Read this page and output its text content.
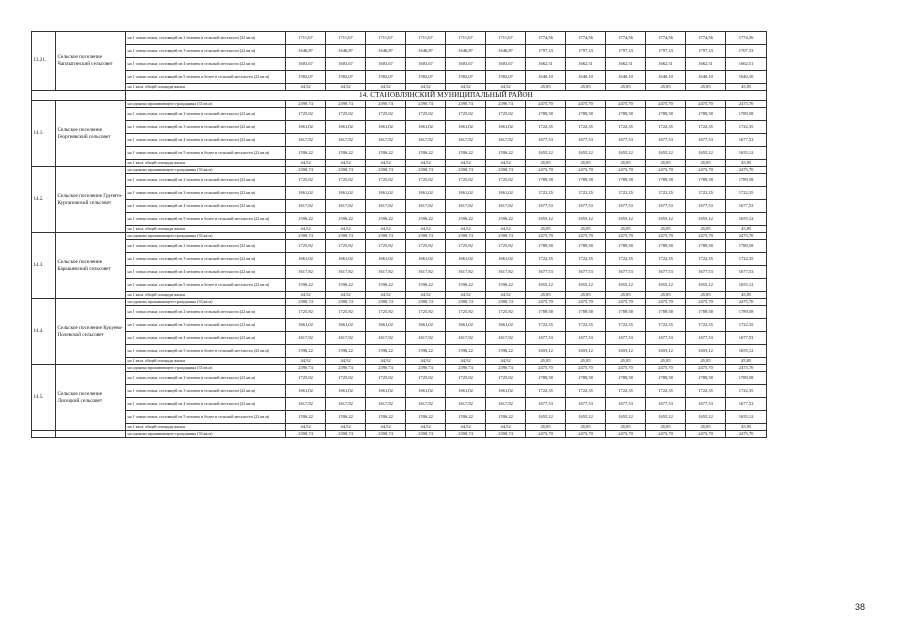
13.21.	Сельское поселение Чаплыгинский сельсовет	на 1 члена семьи, состоящей из 2 человек в сельской местности (22 кв.м)	1711,67	1711,67	1711,67	1711,67	1711,67	1711,67	1774,56	1774,56	1774,56	1774,56	1774,56	1774,56
		на 1 члена семьи, состоящей из 3 человек в сельской местности (22 кв.м)	1646,87	1646,87	1646,87	1646,87	1646,87	1646,87	1707,33	1707,33	1707,33	1707,33	1707,33	1707,33
		на 1 члена семьи, состоящей из 4 человек в сельской местности (22 кв.м)	1603,67	1603,67	1603,67	1603,67	1603,67	1603,67	1662,51	1662,51	1662,51	1662,51	1662,51	1662,51
		на 1 члена семьи, состоящей из 5 человек и более в сельской местности (22 кв.м)	1582,07	1582,07	1582,07	1582,07	1582,07	1582,07	1640,10	1640,10	1640,10	1640,10	1640,10	1640,10
		на 1 кв.м. общей площади жилья	44,52	44,52	44,52	44,52	44,52	44,52	45,85	45,85	45,85	45,85	45,85	45,85
		14. СТАНОВЛЯНСКИЙ МУНИЦИПАЛЬНЫЙ РАЙОН												
14.1.	Сельское поселение Георгиевский сельсовет	на одиноко проживающего гражданина (33 кв.м)	2390,74	2390,74	2390,74	2390,74	2390,74	2390,74	2475,70	2475,70	2475,70	2475,70	2475,70	2475,70
		на 1 члена семьи, состоящей из 2 человек в сельской местности (22 кв.м)	1725,82	1725,82	1725,82	1725,82	1725,82	1725,82	1789,58	1789,58	1789,58	1789,58	1789,58	1789,58
		на 1 члена семьи, состоящей из 3 человек в сельской местности (22 кв.м)	1661,02	1661,02	1661,02	1661,02	1661,02	1661,02	1722,35	1722,35	1722,35	1722,35	1722,35	1722,35
		на 1 члена семьи, состоящей из 4 человек в сельской местности (22 кв.м)	1617,82	1617,82	1617,82	1617,82	1617,82	1617,82	1677,53	1677,53	1677,53	1677,53	1677,53	1677,53
		на 1 члена семьи, состоящей из 5 человек и более в сельской местности (22 кв.м)	1596,22	1596,22	1596,22	1596,22	1596,22	1596,22	1655,12	1655,12	1655,12	1655,12	1655,12	1655,12
		на 1 кв.м. общей площади жилья	44,52	44,52	44,52	44,52	44,52	44,52	45,85	45,85	45,85	45,85	45,85	45,85
14.2.	Сельское поселение Грунято-Кургановский сельсовет	на одиноко проживающего гражданина (33 кв.м)	2390,74	2390,74	2390,74	2390,74	2390,74	2390,74	2475,70	2475,70	2475,70	2475,70	2475,70	2475,70
		на 1 члена семьи, состоящей из 2 человек в сельской местности (22 кв.м)	1725,82	1725,82	1725,82	1725,82	1725,82	1725,82	1789,58	1789,58	1789,58	1789,58	1789,58	1789,58
		на 1 члена семьи, состоящей из 3 человек в сельской местности (22 кв.м)	1661,02	1661,02	1661,02	1661,02	1661,02	1661,02	1722,35	1722,35	1722,35	1722,35	1722,35	1722,35
		на 1 члена семьи, состоящей из 4 человек в сельской местности (22 кв.м)	1617,82	1617,82	1617,82	1617,82	1617,82	1617,82	1677,53	1677,53	1677,53	1677,53	1677,53	1677,53
		на 1 члена семьи, состоящей из 5 человек и более в сельской местности (22 кв.м)	1596,22	1596,22	1596,22	1596,22	1596,22	1596,22	1655,12	1655,12	1655,12	1655,12	1655,12	1655,12
		на 1 кв.м. общей площади жилья	44,52	44,52	44,52	44,52	44,52	44,52	45,85	45,85	45,85	45,85	45,85	45,85
14.3.	Сельское поселение Барышевский сельсовет	на одиноко проживающего гражданина (33 кв.м)	2390,74	2390,74	2390,74	2390,74	2390,74	2390,74	2475,70	2475,70	2475,70	2475,70	2475,70	2475,70
		на 1 члена семьи, состоящей из 2 человек в сельской местности (22 кв.м)	1725,82	1725,82	1725,82	1725,82	1725,82	1725,82	1789,58	1789,58	1789,58	1789,58	1789,58	1789,58
		на 1 члена семьи, состоящей из 3 человек в сельской местности (22 кв.м)	1661,02	1661,02	1661,02	1661,02	1661,02	1661,02	1722,35	1722,35	1722,35	1722,35	1722,35	1722,35
		на 1 члена семьи, состоящей из 4 человек в сельской местности (22 кв.м)	1617,82	1617,82	1617,82	1617,82	1617,82	1617,82	1677,53	1677,53	1677,53	1677,53	1677,53	1677,53
		на 1 члена семьи, состоящей из 5 человек и более в сельской местности (22 кв.м)	1596,22	1596,22	1596,22	1596,22	1596,22	1596,22	1655,12	1655,12	1655,12	1655,12	1655,12	1655,12
		на 1 кв.м. общей площади жилья	44,52	44,52	44,52	44,52	44,52	44,52	45,85	45,85	45,85	45,85	45,85	45,85
14.4.	Сельское поселение Кукуево-Полевской сельсовет	на одиноко проживающего гражданина (33 кв.м)	2390,74	2390,74	2390,74	2390,74	2390,74	2390,74	2475,70	2475,70	2475,70	2475,70	2475,70	2475,70
		на 1 члена семьи, состоящей из 2 человек в сельской местности (22 кв.м)	1725,82	1725,82	1725,82	1725,82	1725,82	1725,82	1789,58	1789,58	1789,58	1789,58	1789,58	1789,58
		на 1 члена семьи, состоящей из 3 человек в сельской местности (22 кв.м)	1661,02	1661,02	1661,02	1661,02	1661,02	1661,02	1722,35	1722,35	1722,35	1722,35	1722,35	1722,35
		на 1 члена семьи, состоящей из 4 человек в сельской местности (22 кв.м)	1617,82	1617,82	1617,82	1617,82	1617,82	1617,82	1677,53	1677,53	1677,53	1677,53	1677,53	1677,53
		на 1 члена семьи, состоящей из 5 человек и более в сельской местности (22 кв.м)	1596,22	1596,22	1596,22	1596,22	1596,22	1596,22	1655,12	1655,12	1655,12	1655,12	1655,12	1655,12
		на 1 кв.м. общей площади жилья	44,52	44,52	44,52	44,52	44,52	44,52	45,85	45,85	45,85	45,85	45,85	45,85
14.5.	Сельское поселение Лисецкий сельсовет	на одиноко проживающего гражданина (33 кв.м)	2390,74	2390,74	2390,74	2390,74	2390,74	2390,74	2475,70	2475,70	2475,70	2475,70	2475,70	2475,70
		на 1 члена семьи, состоящей из 2 человек в сельской местности (22 кв.м)	1725,82	1725,82	1725,82	1725,82	1725,82	1725,82	1789,58	1789,58	1789,58	1789,58	1789,58	1789,58
		на 1 члена семьи, состоящей из 3 человек в сельской местности (22 кв.м)	1661,02	1661,02	1661,02	1661,02	1661,02	1661,02	1722,35	1722,35	1722,35	1722,35	1722,35	1722,35
		на 1 члена семьи, состоящей из 4 человек в сельской местности (22 кв.м)	1617,82	1617,82	1617,82	1617,82	1617,82	1617,82	1677,53	1677,53	1677,53	1677,53	1677,53	1677,53
		на 1 члена семьи, состоящей из 5 человек и более в сельской местности (22 кв.м)	1596,22	1596,22	1596,22	1596,22	1596,22	1596,22	1655,12	1655,12	1655,12	1655,12	1655,12	1655,12
		на 1 кв.м. общей площади жилья	44,52	44,52	44,52	44,52	44,52	44,52	45,85	45,85	45,85	45,85	45,85	45,85
		на одиноко проживающего гражданина (33 кв.м)	2390,74	2390,74	2390,74	2390,74	2390,74	2390,74	2475,70	2475,70	2475,70	2475,70	2475,70	2475,70
38
